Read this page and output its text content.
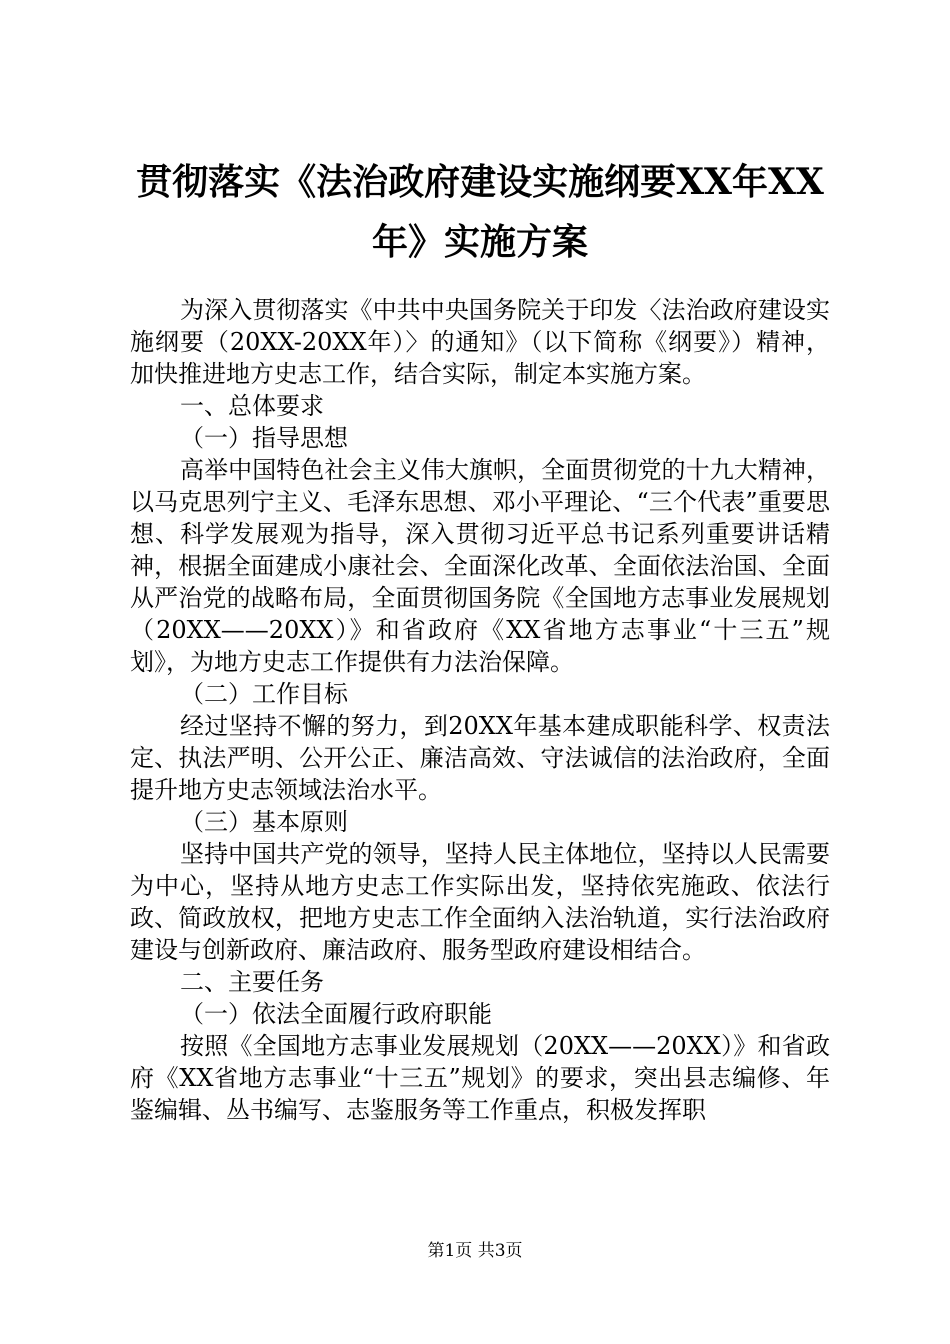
贯彻落实《法治政府建设实施纲要XX年XX
年》实施方案

为深入贯彻落实《中共中央国务院关于印发〈法治政府建设实施纲要（20XX-20XX年）〉的通知》（以下简称《纲要》）精神，加快推进地方史志工作，结合实际，制定本实施方案。

一、总体要求

（一）指导思想

高举中国特色社会主义伟大旗帜，全面贯彻党的十九大精神，以马克思列宁主义、毛泽东思想、邓小平理论、“三个代表”重要思想、科学发展观为指导，深入贯彻习近平总书记系列重要讲话精神，根据全面建成小康社会、全面深化改革、全面依法治国、全面从严治党的战略布局，全面贯彻国务院《全国地方志事业发展规划（20XX——20XX）》和省政府《XX省地方志事业“十三五”规划》，为地方史志工作提供有力法治保障。

（二）工作目标

经过坚持不懈的努力，到20XX年基本建成职能科学、权责法定、执法严明、公开公正、廉洁高效、守法诚信的法治政府，全面提升地方史志领域法治水平。

（三）基本原则

坚持中国共产党的领导，坚持人民主体地位，坚持以人民需要为中心，坚持从地方史志工作实际出发，坚持依宪施政、依法行政、简政放权，把地方史志工作全面纳入法治轨道，实行法治政府建设与创新政府、廉洁政府、服务型政府建设相结合。

二、主要任务

（一）依法全面履行政府职能

按照《全国地方志事业发展规划（20XX——20XX）》和省政府《XX省地方志事业“十三五”规划》的要求，突出县志编修、年鉴编辑、丛书编写、志鉴服务等工作重点，积极发挥职

第1页 共3页
